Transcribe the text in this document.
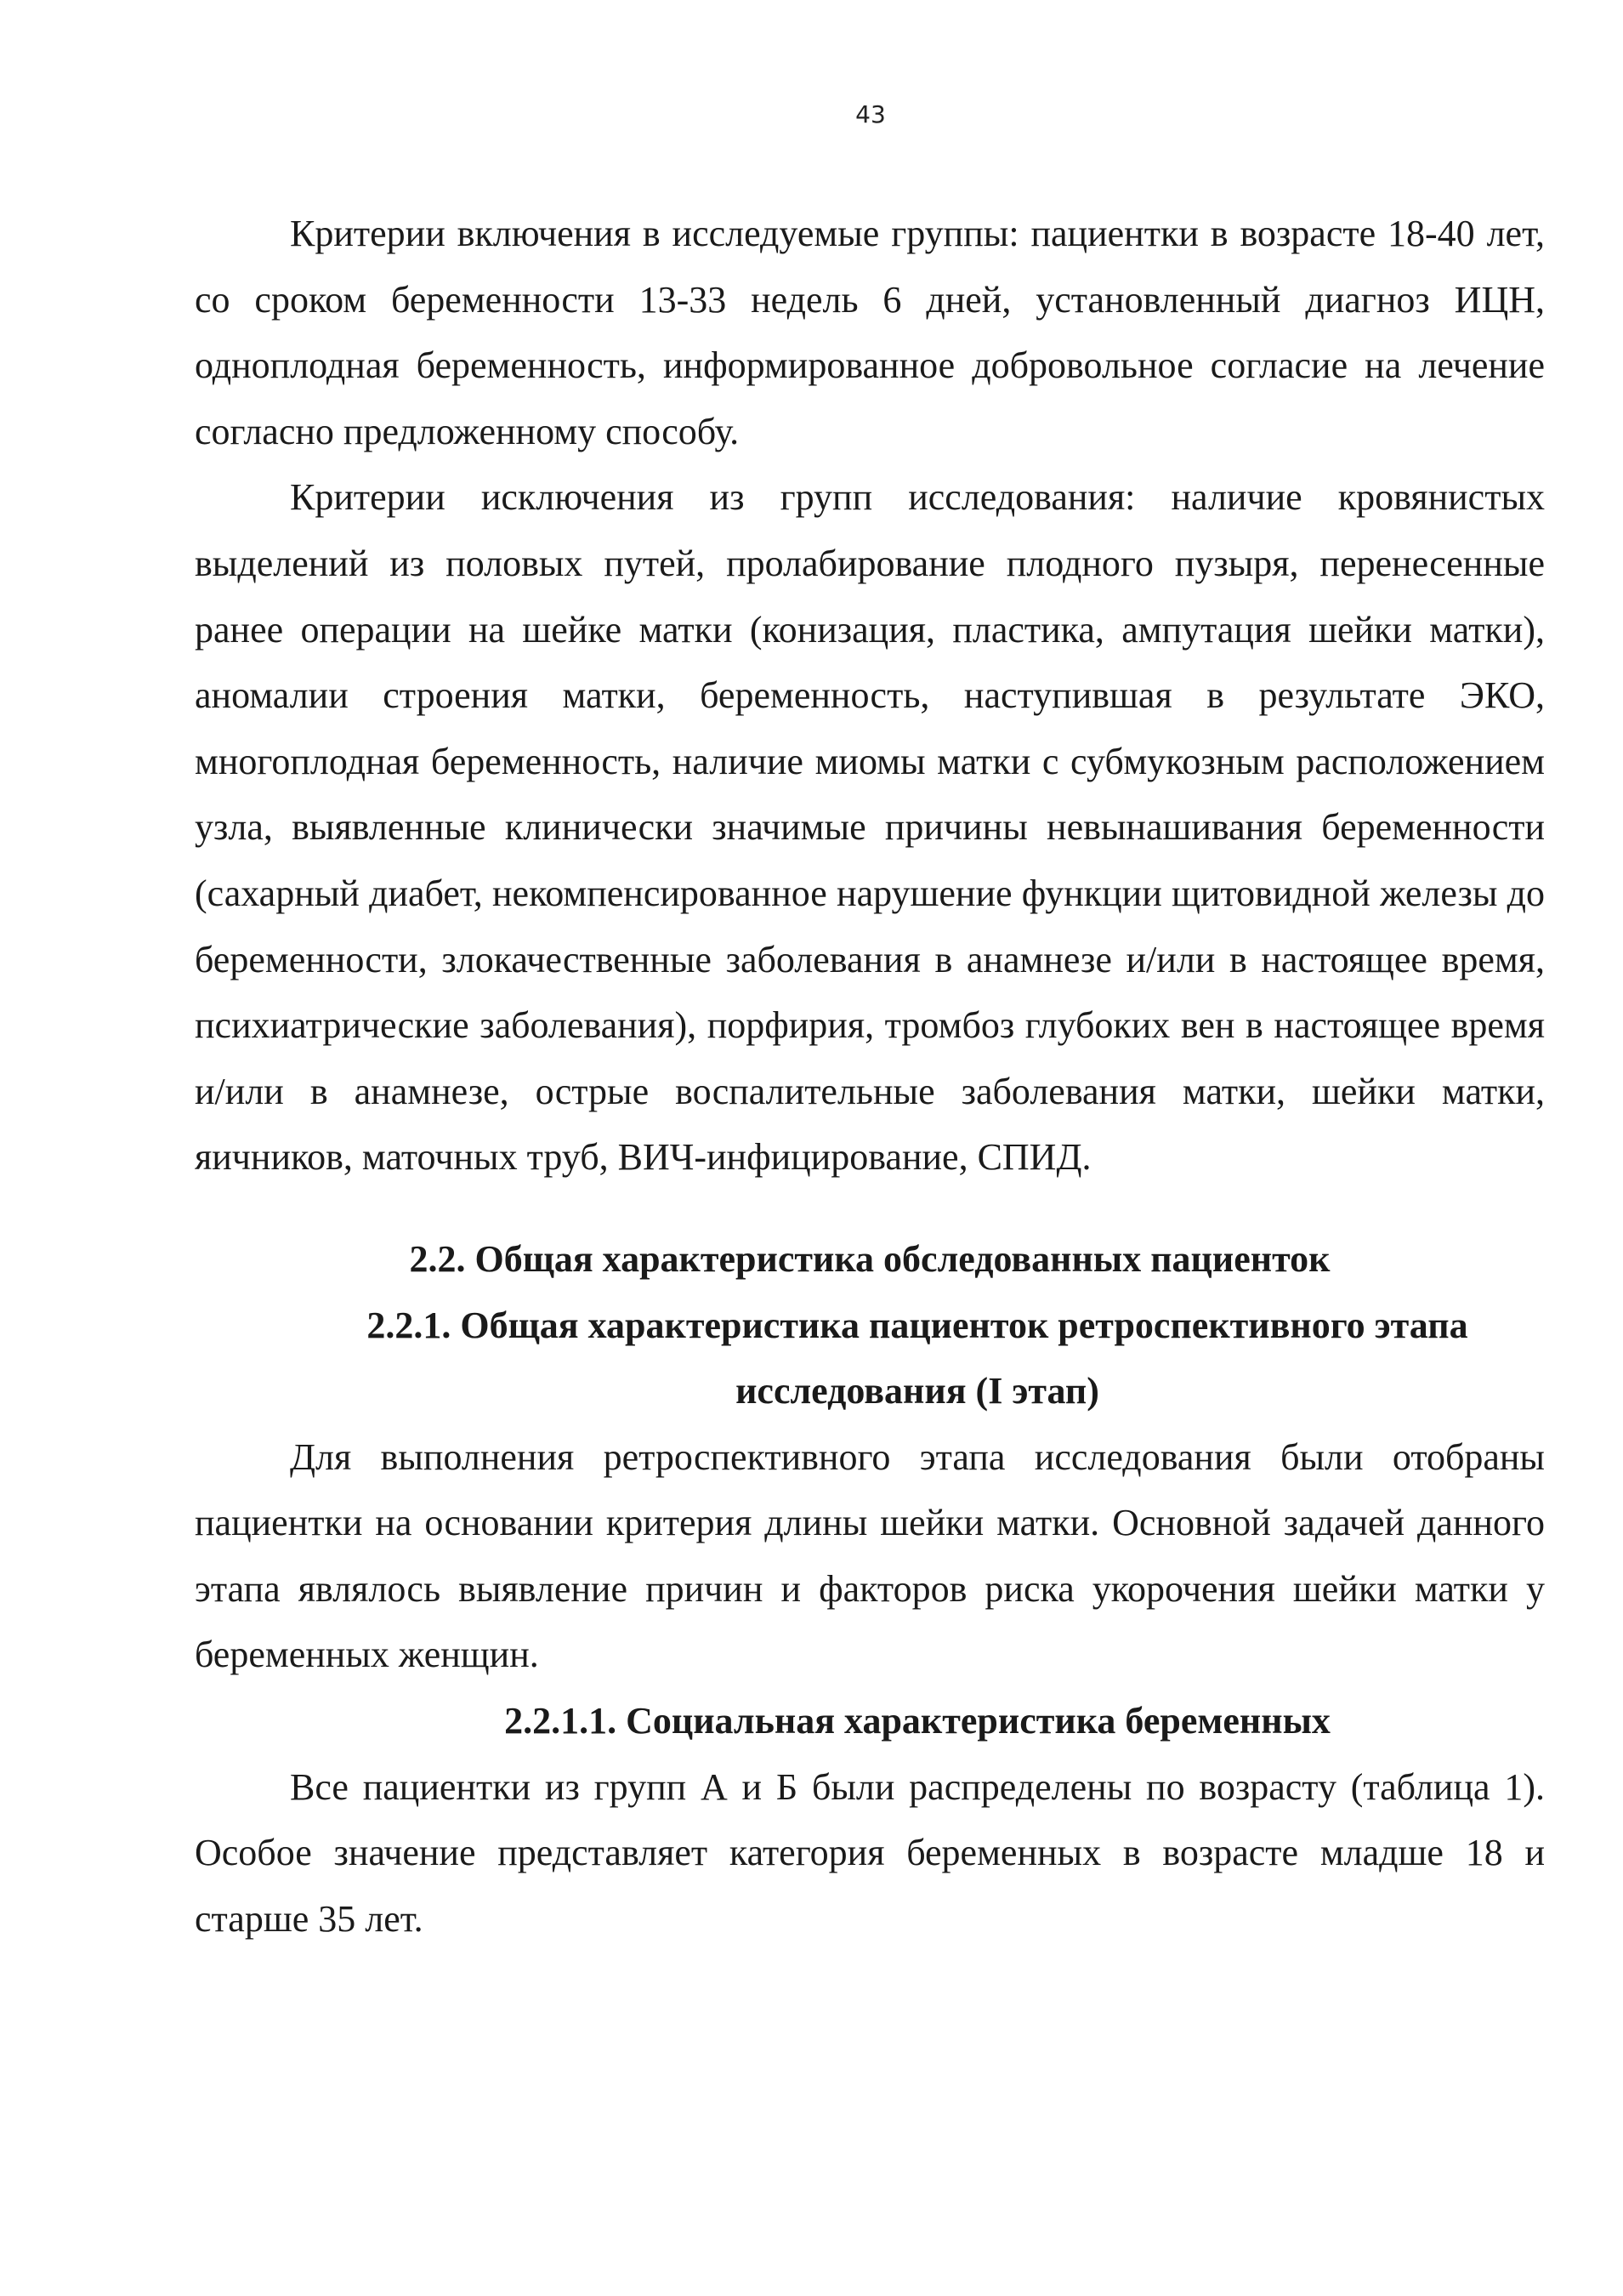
43

Критерии включения в исследуемые группы: пациентки в возрасте 18-40 лет, со сроком беременности 13-33 недель 6 дней, установленный диагноз ИЦН, одноплодная беременность, информированное добровольное согласие на лечение согласно предложенному способу.

Критерии исключения из групп исследования: наличие кровянистых выделений из половых путей, пролабирование плодного пузыря, перенесенные ранее операции на шейке матки (конизация, пластика, ампутация шейки матки), аномалии строения матки, беременность, наступившая в результате ЭКО, многоплодная беременность, наличие миомы матки с субмукозным расположением узла, выявленные клинически значимые причины невынашивания беременности (сахарный диабет, некомпенсированное нарушение функции щитовидной железы до беременности, злокачественные заболевания в анамнезе и/или в настоящее время, психиатрические заболевания), порфирия, тромбоз глубоких вен в настоящее время и/или в анамнезе, острые воспалительные заболевания матки, шейки матки, яичников, маточных труб, ВИЧ-инфицирование, СПИД.

2.2. Общая характеристика обследованных пациенток
2.2.1. Общая характеристика пациенток ретроспективного этапа исследования (I этап)

Для выполнения ретроспективного этапа исследования были отобраны пациентки на основании критерия длины шейки матки. Основной задачей данного этапа являлось выявление причин и факторов риска укорочения шейки матки у беременных женщин.

2.2.1.1. Социальная характеристика беременных

Все пациентки из групп А и Б были распределены по возрасту (таблица 1). Особое значение представляет категория беременных в возрасте младше 18 и старше 35 лет.
